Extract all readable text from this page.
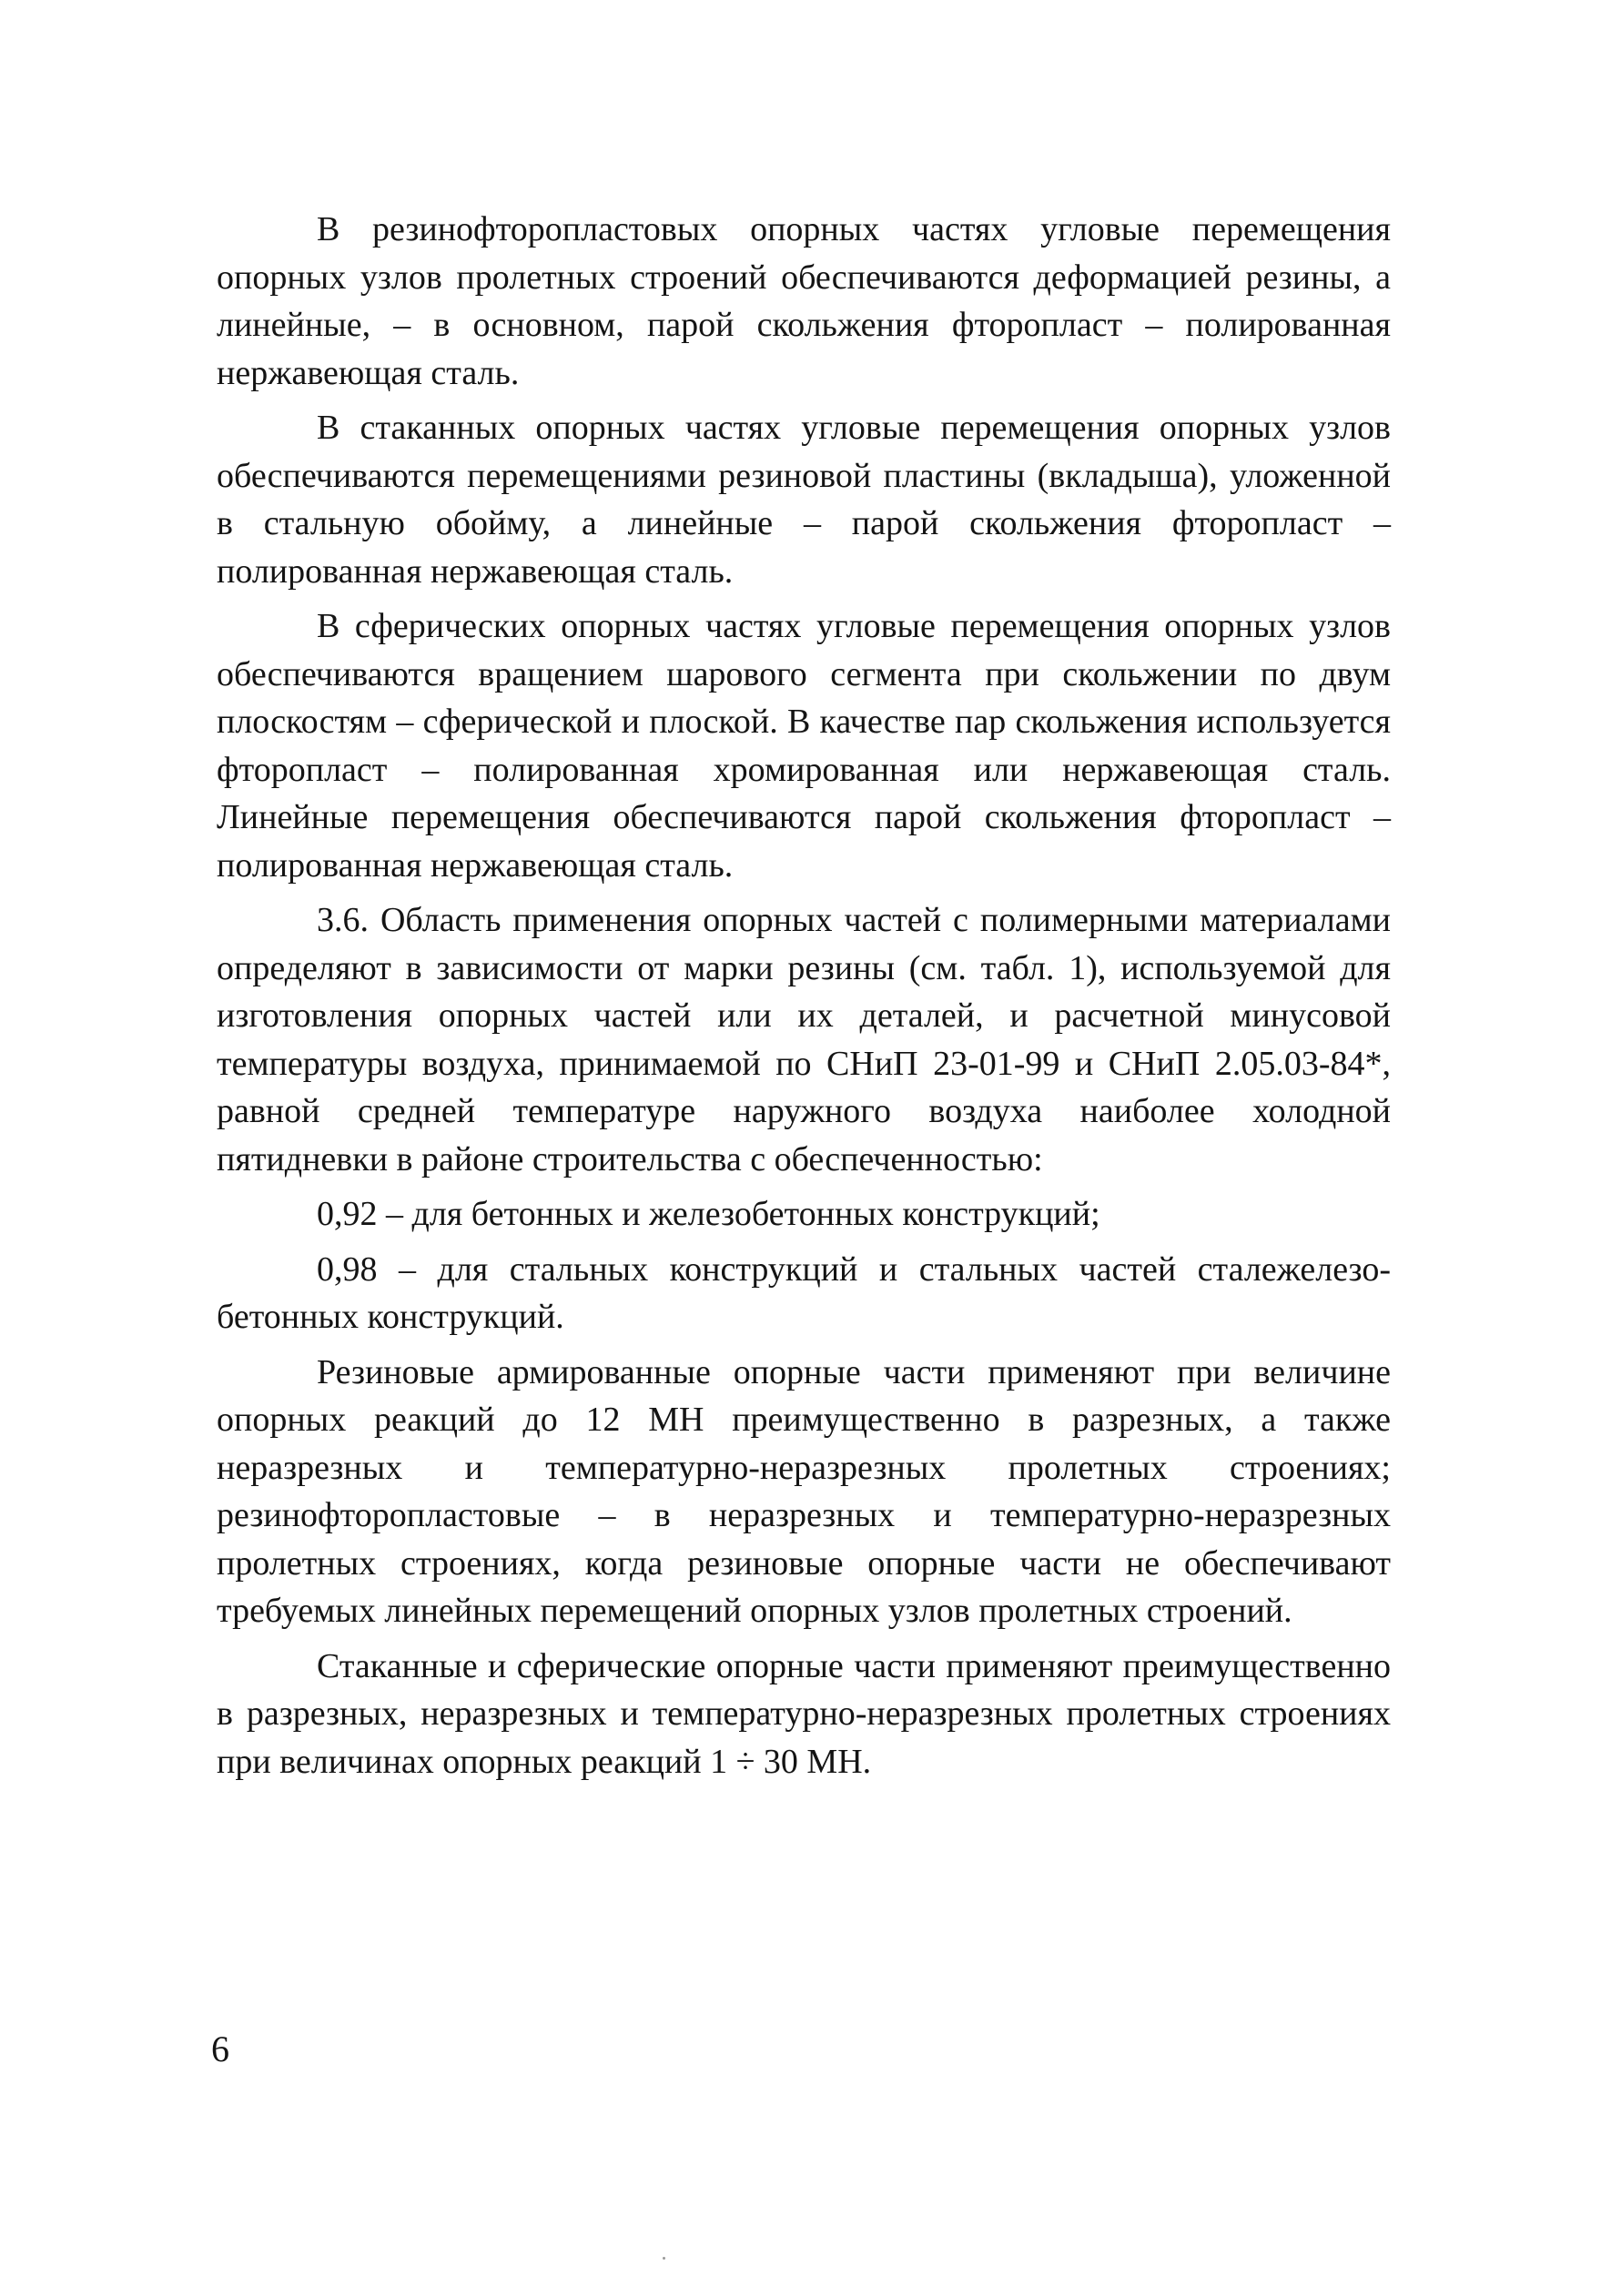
В резинофторопластовых опорных частях угловые перемещения опорных узлов пролетных строений обеспечиваются деформацией резины, а линейные, – в основном, парой скольжения фторопласт – полированная нержавеющая сталь.

В стаканных опорных частях угловые перемещения опорных узлов обеспечиваются перемещениями резиновой пластины (вкладыша), уложенной в стальную обойму, а линейные – парой скольжения фторопласт – полированная нержавеющая сталь.

В сферических опорных частях угловые перемещения опорных узлов обеспечиваются вращением шарового сегмента при скольжении по двум плоскостям – сферической и плоской. В качестве пар скольжения используется фторопласт – полированная хромированная или нержавеющая сталь. Линейные перемещения обеспечиваются парой скольжения фторопласт – полированная нержавеющая сталь.

3.6. Область применения опорных частей с полимерными материалами определяют в зависимости от марки резины (см. табл. 1), используемой для изготовления опорных частей или их деталей, и расчетной минусовой температуры воздуха, принимаемой по СНиП 23-01-99 и СНиП 2.05.03-84*, равной средней температуре наружного воздуха наиболее холодной пятидневки в районе строительства с обеспеченностью:

0,92 – для бетонных и железобетонных конструкций;

0,98 – для стальных конструкций и стальных частей сталежелезо-бетонных конструкций.

Резиновые армированные опорные части применяют при величине опорных реакций до 12 МН преимущественно в разрезных, а также неразрезных и температурно-неразрезных пролетных строениях; резинофторопластовые – в неразрезных и температурно-неразрезных пролетных строениях, когда резиновые опорные части не обеспечивают требуемых линейных перемещений опорных узлов пролетных строений.

Стаканные и сферические опорные части применяют преимущественно в разрезных, неразрезных и температурно-неразрезных пролетных строениях при величинах опорных реакций 1 ÷ 30 МН.

6
